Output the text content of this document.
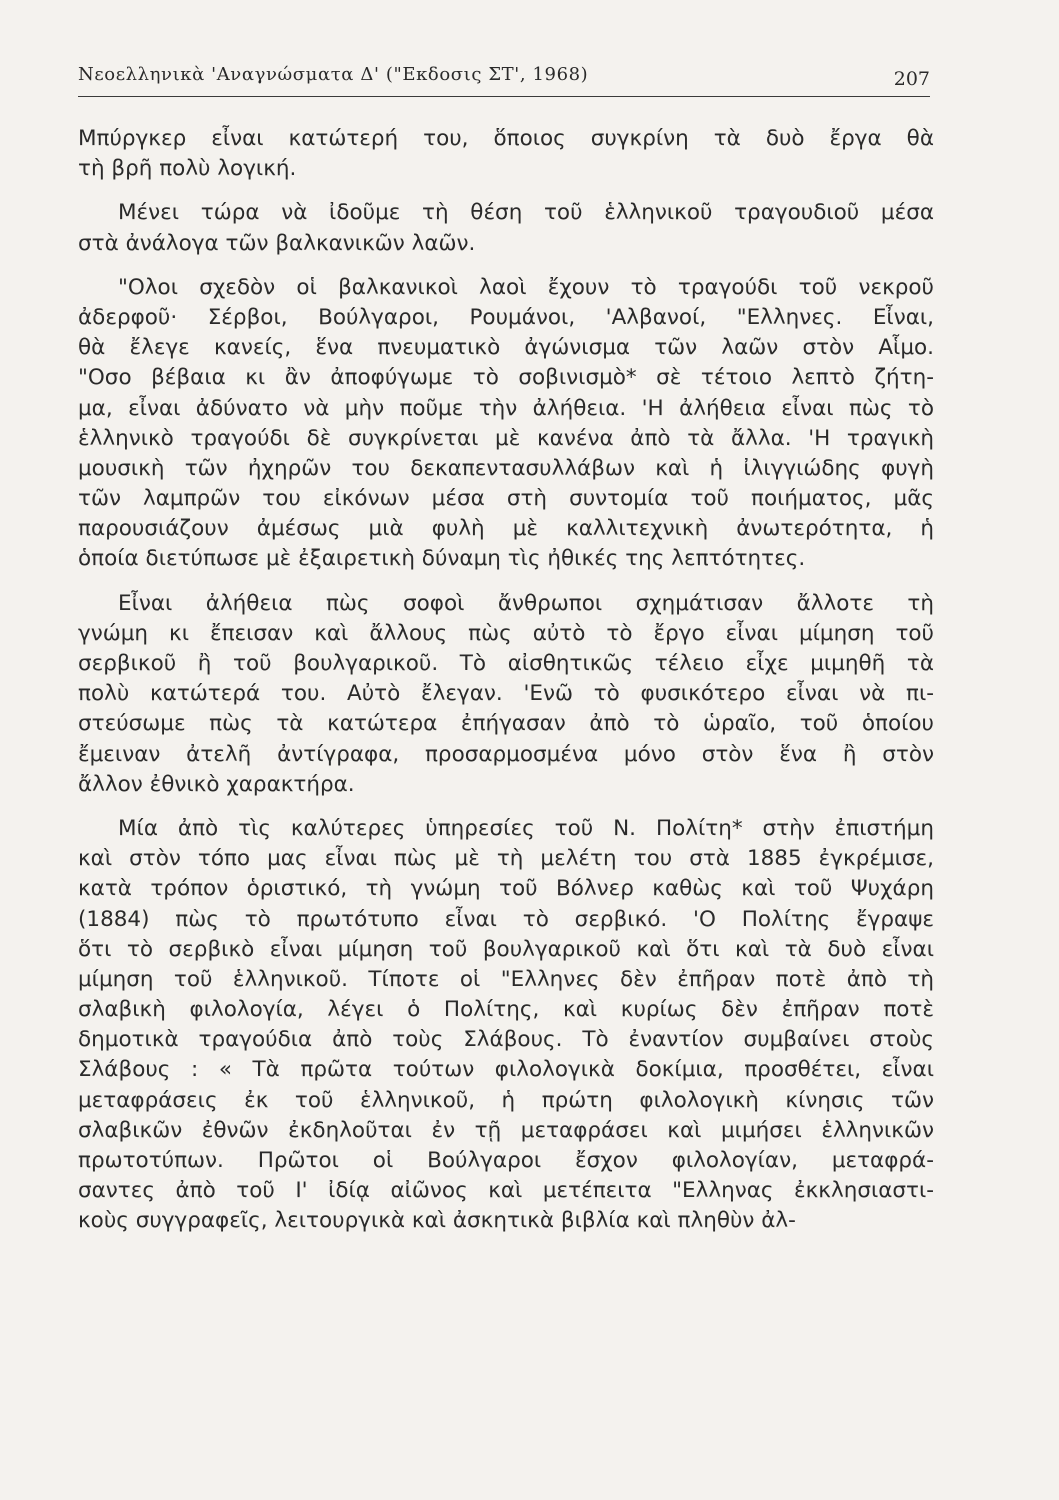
Νεοελληνικὰ 'Αναγνώσματα Δ' ("Εκδοσις ΣΤ', 1968)	207
Μπύργκερ εἶναι κατώτερή του, ὅποιος συγκρίνη τὰ δυὸ ἔργα θὰ
τὴ βρῆ πολὺ λογική.
Μένει τώρα νὰ ἰδοῦμε τὴ θέση τοῦ ἑλληνικοῦ τραγουδιοῦ μέσα
στὰ ἀνάλογα τῶν βαλκανικῶν λαῶν.
"Ολοι σχεδὸν οἱ βαλκανικοὶ λαοὶ ἔχουν τὸ τραγούδι τοῦ νεκροῦ
ἀδερφοῦ· Σέρβοι, Βούλγαροι, Ρουμάνοι, 'Αλβανοί, "Ελληνες. Εἶναι,
θὰ ἔλεγε κανείς, ἕνα πνευματικὸ ἀγώνισμα τῶν λαῶν στὸν Αἷμο.
"Οσο βέβαια κι ἂν ἀποφύγωμε τὸ σοβινισμὸ* σὲ τέτοιο λεπτὸ ζήτη-
μα, εἶναι ἀδύνατο νὰ μὴν ποῦμε τὴν ἀλήθεια. 'Η ἀλήθεια εἶναι πὼς τὸ
ἑλληνικὸ τραγούδι δὲ συγκρίνεται μὲ κανένα ἀπὸ τὰ ἄλλα. 'Η τραγικὴ
μουσικὴ τῶν ἠχηρῶν του δεκαπεντασυλλάβων καὶ ἡ ἰλιγγιώδης φυγὴ
τῶν λαμπρῶν του εἰκόνων μέσα στὴ συντομία τοῦ ποιήματος, μᾶς
παρουσιάζουν ἀμέσως μιὰ φυλὴ μὲ καλλιτεχνικὴ ἀνωτερότητα, ἡ
ὁποία διετύπωσε μὲ ἐξαιρετικὴ δύναμη τὶς ἠθικές της λεπτότητες.
Εἶναι ἀλήθεια πὼς σοφοὶ ἄνθρωποι σχημάτισαν ἄλλοτε τὴ
γνώμη κι ἔπεισαν καὶ ἄλλους πὼς αὐτὸ τὸ ἔργο εἶναι μίμηση τοῦ
σερβικοῦ ἢ τοῦ βουλγαρικοῦ. Τὸ αἰσθητικῶς τέλειο εἶχε μιμηθῆ τὰ
πολὺ κατώτερά του. Αὐτὸ ἔλεγαν. 'Ενῶ τὸ φυσικότερο εἶναι νὰ πι-
στεύσωμε πὼς τὰ κατώτερα ἐπήγασαν ἀπὸ τὸ ὡραῖο, τοῦ ὁποίου
ἔμειναν ἀτελῆ ἀντίγραφα, προσαρμοσμένα μόνο στὸν ἕνα ἢ στὸν
ἄλλον ἐθνικὸ χαρακτήρα.
Μία ἀπὸ τὶς καλύτερες ὑπηρεσίες τοῦ Ν. Πολίτη* στὴν ἐπιστήμη
καὶ στὸν τόπο μας εἶναι πὼς μὲ τὴ μελέτη του στὰ 1885 ἐγκρέμισε,
κατὰ τρόπον ὁριστικό, τὴ γνώμη τοῦ Βόλνερ καθὼς καὶ τοῦ Ψυχάρη
(1884) πὼς τὸ πρωτότυπο εἶναι τὸ σερβικό. 'Ο Πολίτης ἔγραψε
ὅτι τὸ σερβικὸ εἶναι μίμηση τοῦ βουλγαρικοῦ καὶ ὅτι καὶ τὰ δυὸ εἶναι
μίμηση τοῦ ἑλληνικοῦ. Τίποτε οἱ "Ελληνες δὲν ἐπῆραν ποτὲ ἀπὸ τὴ
σλαβικὴ φιλολογία, λέγει ὁ Πολίτης, καὶ κυρίως δὲν ἐπῆραν ποτὲ
δημοτικὰ τραγούδια ἀπὸ τοὺς Σλάβους. Τὸ ἐναντίον συμβαίνει στοὺς
Σλάβους : « Τὰ πρῶτα τούτων φιλολογικὰ δοκίμια, προσθέτει, εἶναι
μεταφράσεις ἐκ τοῦ ἑλληνικοῦ, ἡ πρώτη φιλολογικὴ κίνησις τῶν
σλαβικῶν ἐθνῶν ἐκδηλοῦται ἐν τῇ μεταφράσει καὶ μιμήσει ἑλληνικῶν
πρωτοτύπων. Πρῶτοι οἱ Βούλγαροι ἔσχον φιλολογίαν, μεταφρά-
σαντες ἀπὸ τοῦ Ι' ἰδίᾳ αἰῶνος καὶ μετέπειτα "Ελληνας ἐκκλησιαστι-
κοὺς συγγραφεῖς, λειτουργικὰ καὶ ἀσκητικὰ βιβλία καὶ πληθὺν ἀλ-
